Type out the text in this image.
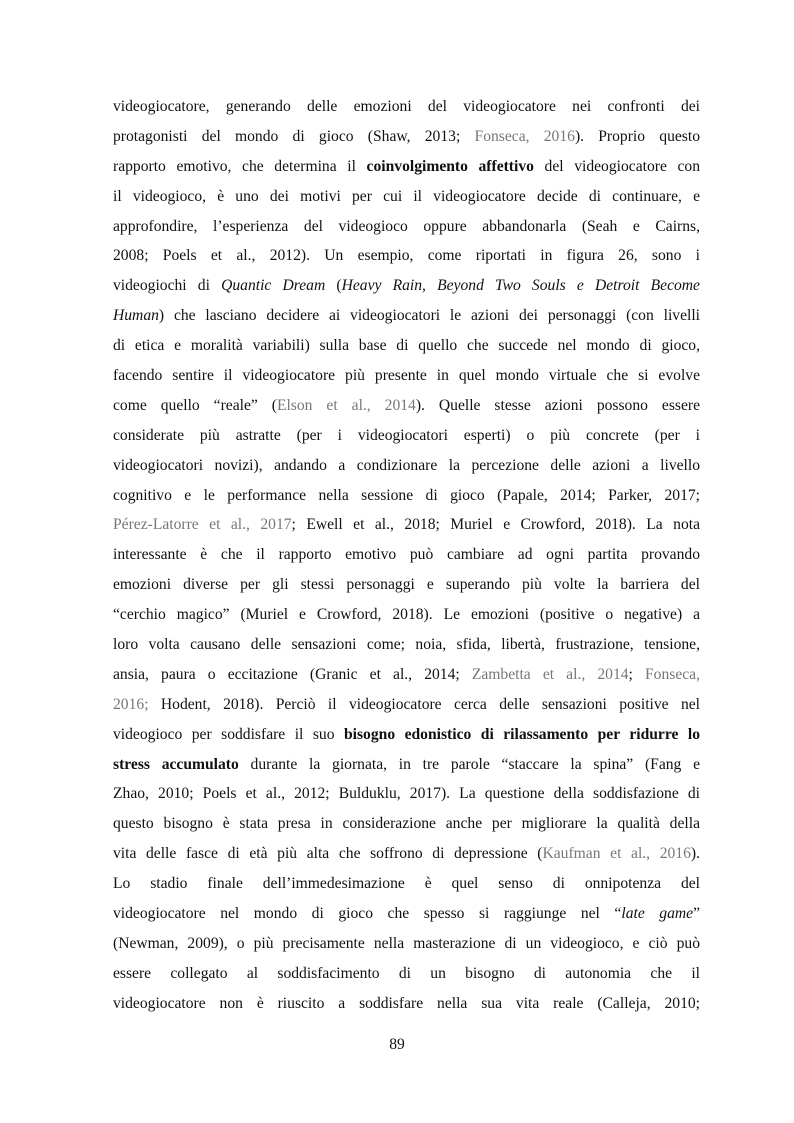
videogiocatore, generando delle emozioni del videogiocatore nei confronti dei
protagonisti del mondo di gioco (Shaw, 2013; Fonseca, 2016). Proprio questo
rapporto emotivo, che determina il coinvolgimento affettivo del videogiocatore con
il videogioco, è uno dei motivi per cui il videogiocatore decide di continuare, e
approfondire, l’esperienza del videogioco oppure abbandonarla (Seah e Cairns,
2008; Poels et al., 2012). Un esempio, come riportati in figura 26, sono i
videogiochi di Quantic Dream (Heavy Rain, Beyond Two Souls e Detroit Become
Human) che lasciano decidere ai videogiocatori le azioni dei personaggi (con livelli
di etica e moralità variabili) sulla base di quello che succede nel mondo di gioco,
facendo sentire il videogiocatore più presente in quel mondo virtuale che si evolve
come quello “reale” (Elson et al., 2014). Quelle stesse azioni possono essere
considerate più astratte (per i videogiocatori esperti) o più concrete (per i
videogiocatori novizi), andando a condizionare la percezione delle azioni a livello
cognitivo e le performance nella sessione di gioco (Papale, 2014; Parker, 2017;
Pérez-Latorre et al., 2017; Ewell et al., 2018; Muriel e Crowford, 2018). La nota
interessante è che il rapporto emotivo può cambiare ad ogni partita provando
emozioni diverse per gli stessi personaggi e superando più volte la barriera del
“cerchio magico” (Muriel e Crowford, 2018). Le emozioni (positive o negative) a
loro volta causano delle sensazioni come; noia, sfida, libertà, frustrazione, tensione,
ansia, paura o eccitazione (Granic et al., 2014; Zambetta et al., 2014; Fonseca,
2016; Hodent, 2018). Perciò il videogiocatore cerca delle sensazioni positive nel
videogioco per soddisfare il suo bisogno edonistico di rilassamento per ridurre lo
stress accumulato durante la giornata, in tre parole “staccare la spina” (Fang e
Zhao, 2010; Poels et al., 2012; Bulduklu, 2017). La questione della soddisfazione di
questo bisogno è stata presa in considerazione anche per migliorare la qualità della
vita delle fasce di età più alta che soffrono di depressione (Kaufman et al., 2016).
Lo stadio finale dell’immedesimazione è quel senso di onnipotenza del
videogiocatore nel mondo di gioco che spesso si raggiunge nel “late game”
(Newman, 2009), o più precisamente nella masterazione di un videogioco, e ciò può
essere collegato al soddisfacimento di un bisogno di autonomia che il
videogiocatore non è riuscito a soddisfare nella sua vita reale (Calleja, 2010;
89
